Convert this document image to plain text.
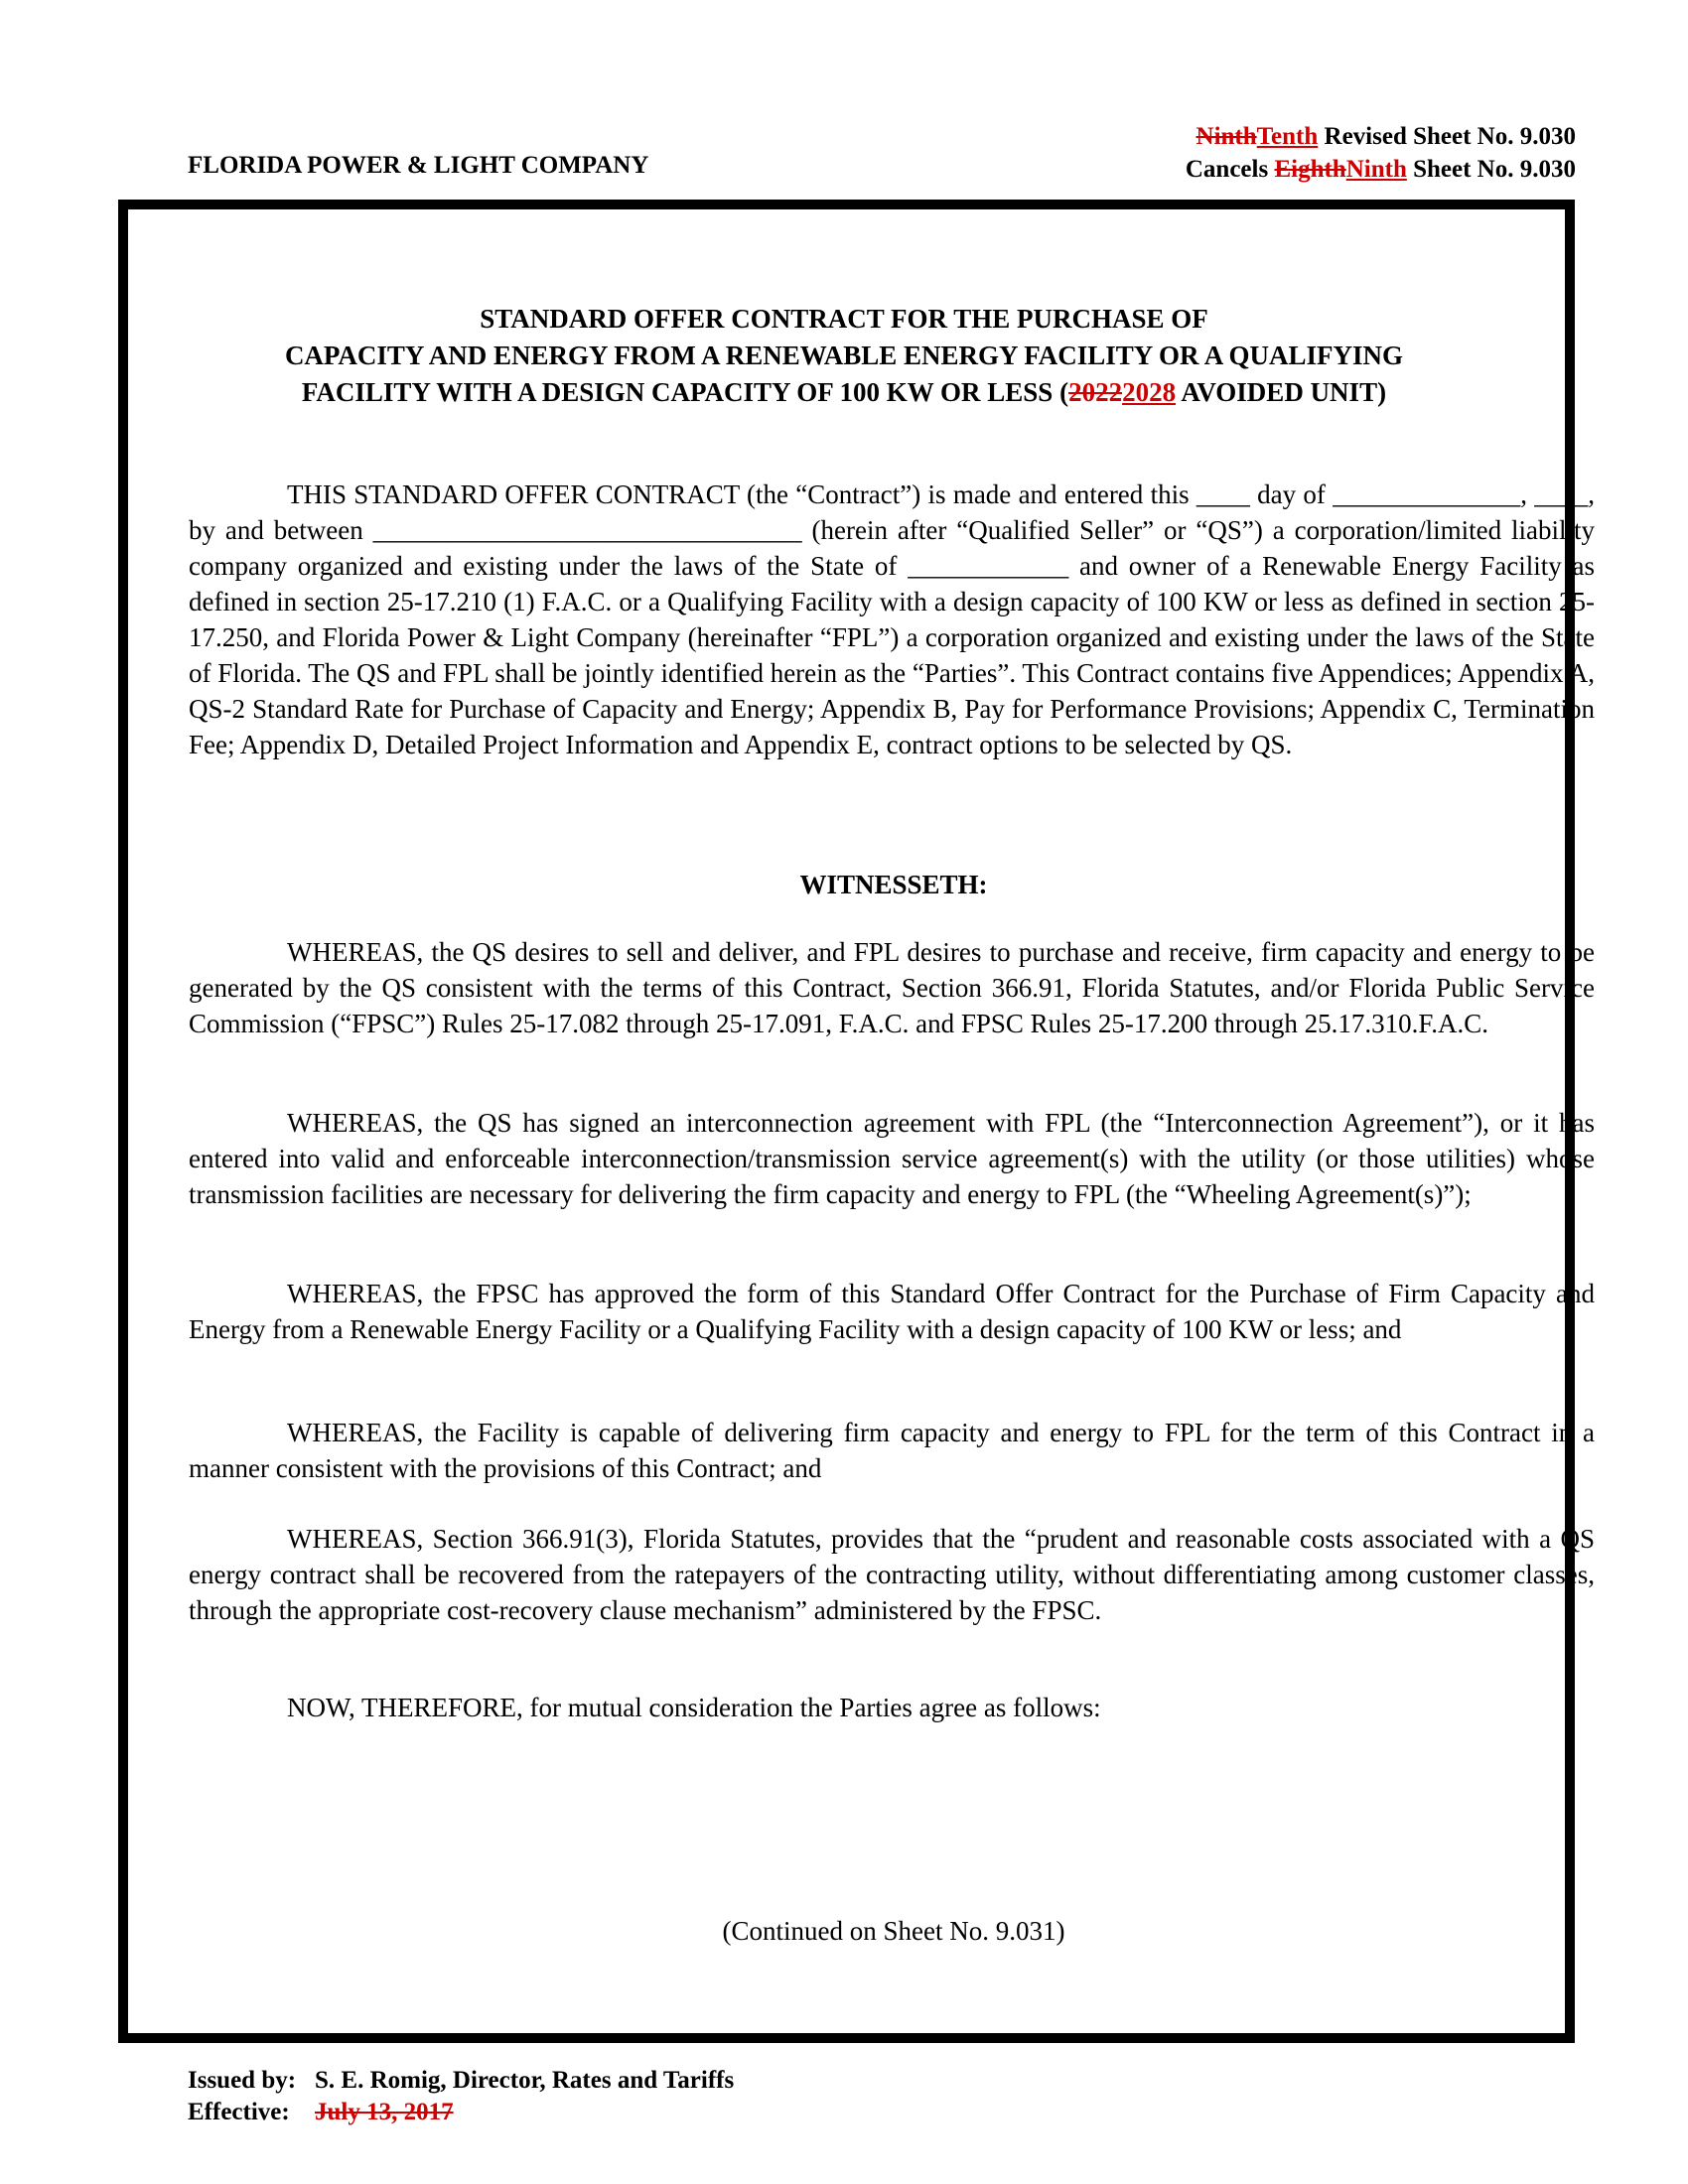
FLORIDA POWER & LIGHT COMPANY
NinthTenth Revised Sheet No. 9.030
Cancels EighthNinth Sheet No. 9.030
STANDARD OFFER CONTRACT FOR THE PURCHASE OF
CAPACITY AND ENERGY FROM A RENEWABLE ENERGY FACILITY OR A QUALIFYING
FACILITY WITH A DESIGN CAPACITY OF 100 KW OR LESS (20222028 AVOIDED UNIT)

THIS STANDARD OFFER CONTRACT (the “Contract”) is made and entered this ____ day of ______________, ____, by and between ________________________________ (herein after “Qualified Seller” or “QS”) a corporation/limited liability company organized and existing under the laws of the State of ____________ and owner of a Renewable Energy Facility as defined in section 25-17.210 (1) F.A.C. or a Qualifying Facility with a design capacity of 100 KW or less as defined in section 25-17.250, and Florida Power & Light Company (hereinafter “FPL”) a corporation organized and existing under the laws of the State of Florida. The QS and FPL shall be jointly identified herein as the “Parties”. This Contract contains five Appendices; Appendix A, QS-2 Standard Rate for Purchase of Capacity and Energy; Appendix B, Pay for Performance Provisions; Appendix C, Termination Fee; Appendix D, Detailed Project Information and Appendix E, contract options to be selected by QS.

WITNESSETH:

WHEREAS, the QS desires to sell and deliver, and FPL desires to purchase and receive, firm capacity and energy to be generated by the QS consistent with the terms of this Contract, Section 366.91, Florida Statutes, and/or Florida Public Service Commission (“FPSC”) Rules 25-17.082 through 25-17.091, F.A.C. and FPSC Rules 25-17.200 through 25.17.310.F.A.C.

WHEREAS, the QS has signed an interconnection agreement with FPL (the “Interconnection Agreement”), or it has entered into valid and enforceable interconnection/transmission service agreement(s) with the utility (or those utilities) whose transmission facilities are necessary for delivering the firm capacity and energy to FPL (the “Wheeling Agreement(s)”);

WHEREAS, the FPSC has approved the form of this Standard Offer Contract for the Purchase of Firm Capacity and Energy from a Renewable Energy Facility or a Qualifying Facility with a design capacity of 100 KW or less; and

WHEREAS, the Facility is capable of delivering firm capacity and energy to FPL for the term of this Contract in a manner consistent with the provisions of this Contract; and

WHEREAS, Section 366.91(3), Florida Statutes, provides that the “prudent and reasonable costs associated with a QS energy contract shall be recovered from the ratepayers of the contracting utility, without differentiating among customer classes, through the appropriate cost-recovery clause mechanism” administered by the FPSC.

NOW, THEREFORE, for mutual consideration the Parties agree as follows:

(Continued on Sheet No. 9.031)
Issued by: S. E. Romig, Director, Rates and Tariffs
Effective: July 13, 2017
